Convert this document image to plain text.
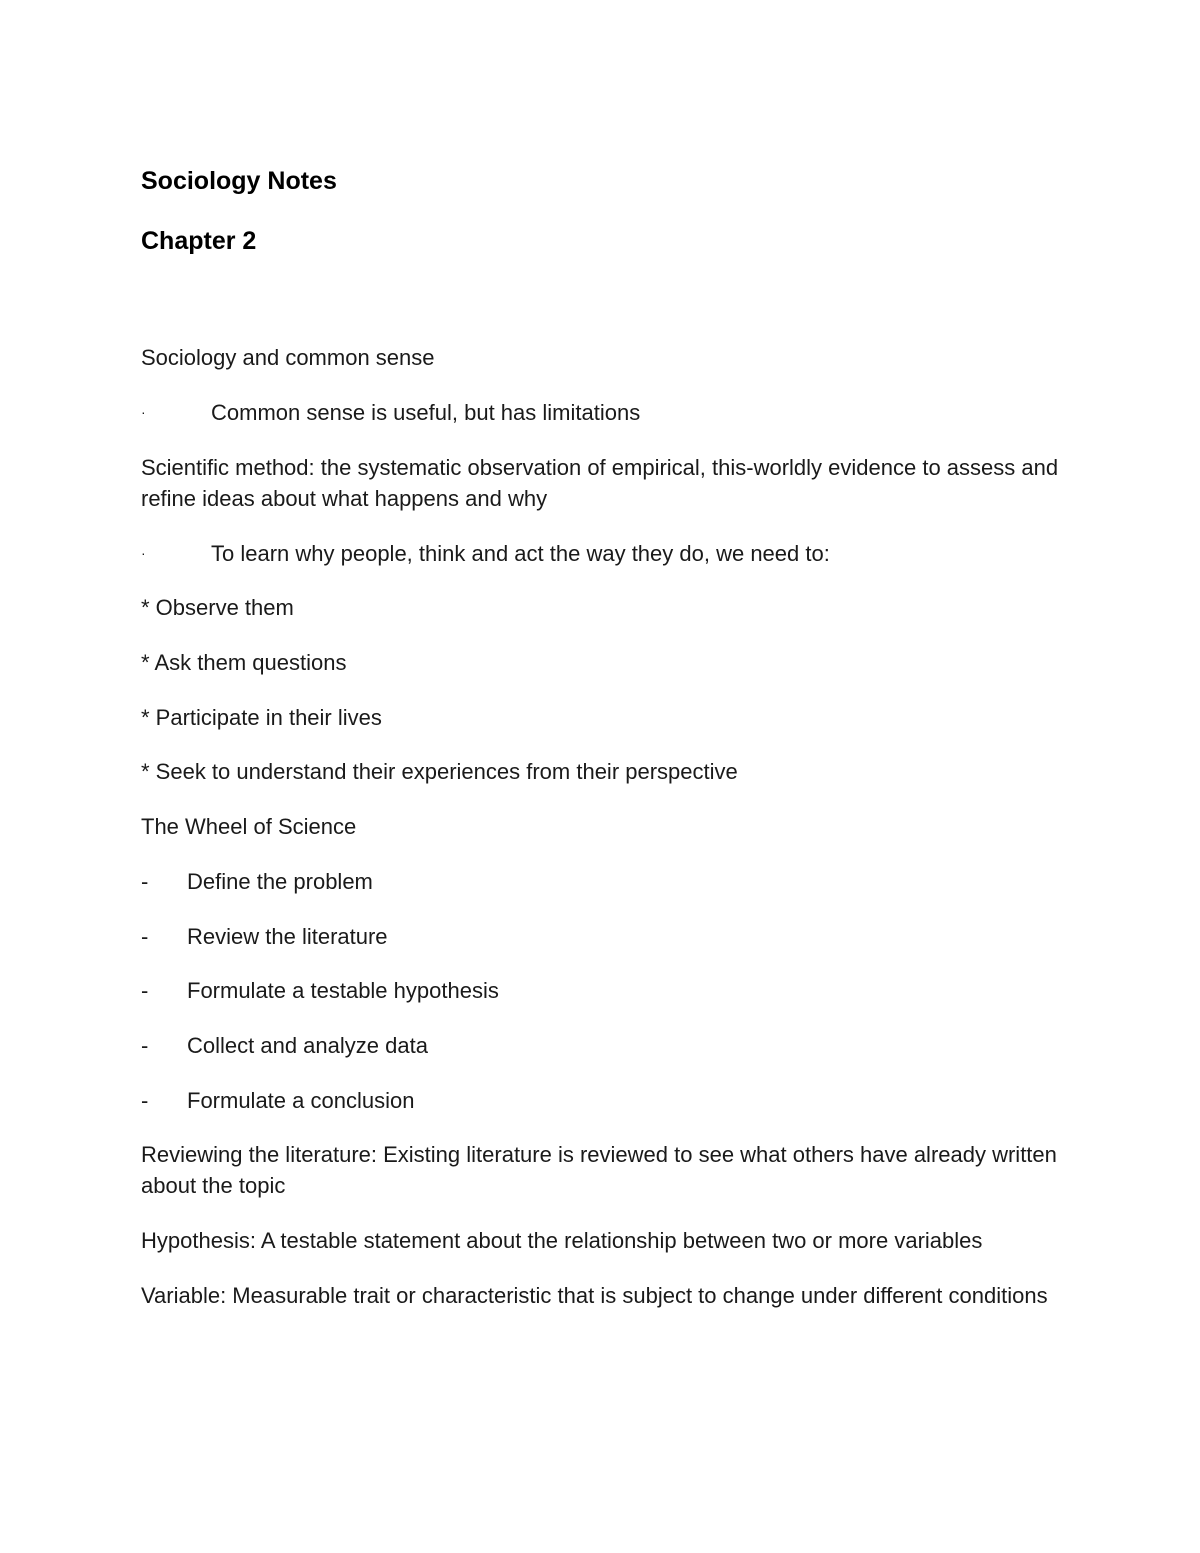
Sociology Notes
Chapter 2
Sociology and common sense
·	Common sense is useful, but has limitations
Scientific method: the systematic observation of empirical, this-worldly evidence to assess and refine ideas about what happens and why
·	To learn why people, think and act the way they do, we need to:
* Observe them
* Ask them questions
* Participate in their lives
* Seek to understand their experiences from their perspective
The Wheel of Science
- Define the problem
- Review the literature
- Formulate a testable hypothesis
- Collect and analyze data
- Formulate a conclusion
Reviewing the literature: Existing literature is reviewed to see what others have already written about the topic
Hypothesis: A testable statement about the relationship between two or more variables
Variable: Measurable trait or characteristic that is subject to change under different conditions
